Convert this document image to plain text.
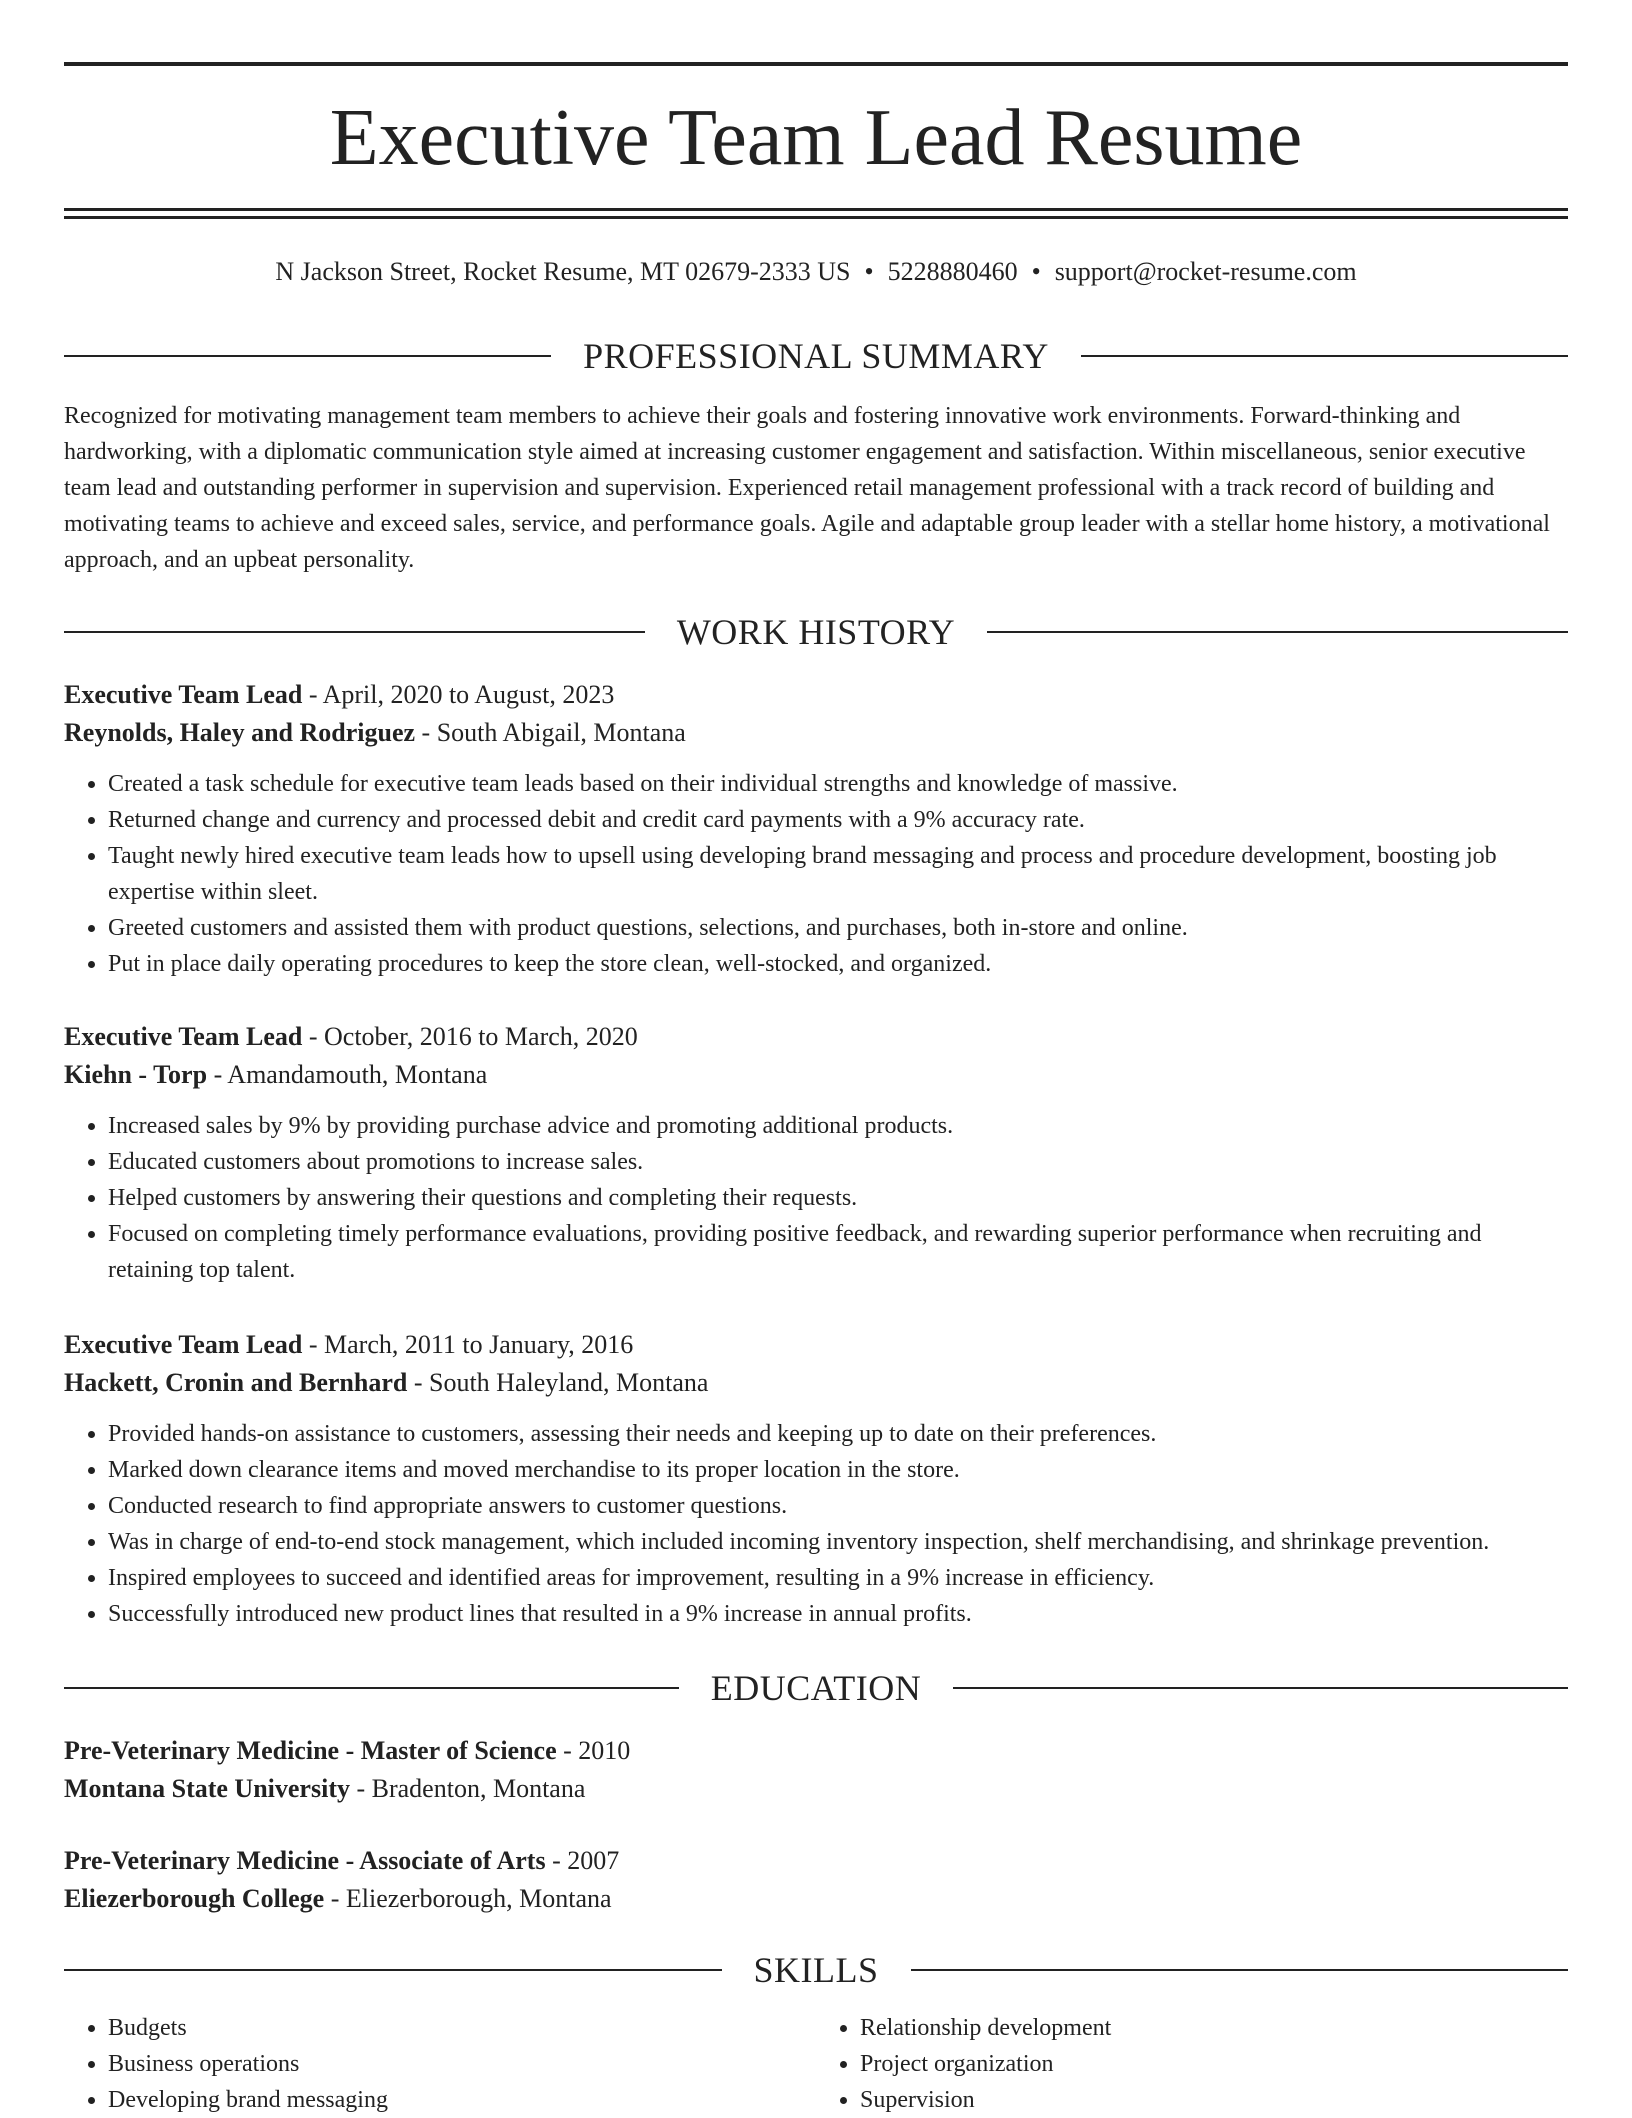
Executive Team Lead Resume
N Jackson Street, Rocket Resume, MT 02679-2333 US • 5228880460 • support@rocket-resume.com
PROFESSIONAL SUMMARY

Recognized for motivating management team members to achieve their goals and fostering innovative work environments. Forward-thinking and hardworking, with a diplomatic communication style aimed at increasing customer engagement and satisfaction. Within miscellaneous, senior executive team lead and outstanding performer in supervision and supervision. Experienced retail management professional with a track record of building and motivating teams to achieve and exceed sales, service, and performance goals. Agile and adaptable group leader with a stellar home history, a motivational approach, and an upbeat personality.

WORK HISTORY
Executive Team Lead - April, 2020 to August, 2023
Reynolds, Haley and Rodriguez - South Abigail, Montana
• Created a task schedule for executive team leads based on their individual strengths and knowledge of massive.
• Returned change and currency and processed debit and credit card payments with a 9% accuracy rate.
• Taught newly hired executive team leads how to upsell using developing brand messaging and process and procedure development, boosting job expertise within sleet.
• Greeted customers and assisted them with product questions, selections, and purchases, both in-store and online.
• Put in place daily operating procedures to keep the store clean, well-stocked, and organized.
Executive Team Lead - October, 2016 to March, 2020
Kiehn - Torp - Amandamouth, Montana
• Increased sales by 9% by providing purchase advice and promoting additional products.
• Educated customers about promotions to increase sales.
• Helped customers by answering their questions and completing their requests.
• Focused on completing timely performance evaluations, providing positive feedback, and rewarding superior performance when recruiting and retaining top talent.
Executive Team Lead - March, 2011 to January, 2016
Hackett, Cronin and Bernhard - South Haleyland, Montana
• Provided hands-on assistance to customers, assessing their needs and keeping up to date on their preferences.
• Marked down clearance items and moved merchandise to its proper location in the store.
• Conducted research to find appropriate answers to customer questions.
• Was in charge of end-to-end stock management, which included incoming inventory inspection, shelf merchandising, and shrinkage prevention.
• Inspired employees to succeed and identified areas for improvement, resulting in a 9% increase in efficiency.
• Successfully introduced new product lines that resulted in a 9% increase in annual profits.
EDUCATION
Pre-Veterinary Medicine - Master of Science - 2010
Montana State University - Bradenton, Montana
Pre-Veterinary Medicine - Associate of Arts - 2007
Eliezerborough College - Eliezerborough, Montana
SKILLS
• Budgets
• Business operations
• Developing brand messaging
• Relationship development
• Project organization
• Supervision
